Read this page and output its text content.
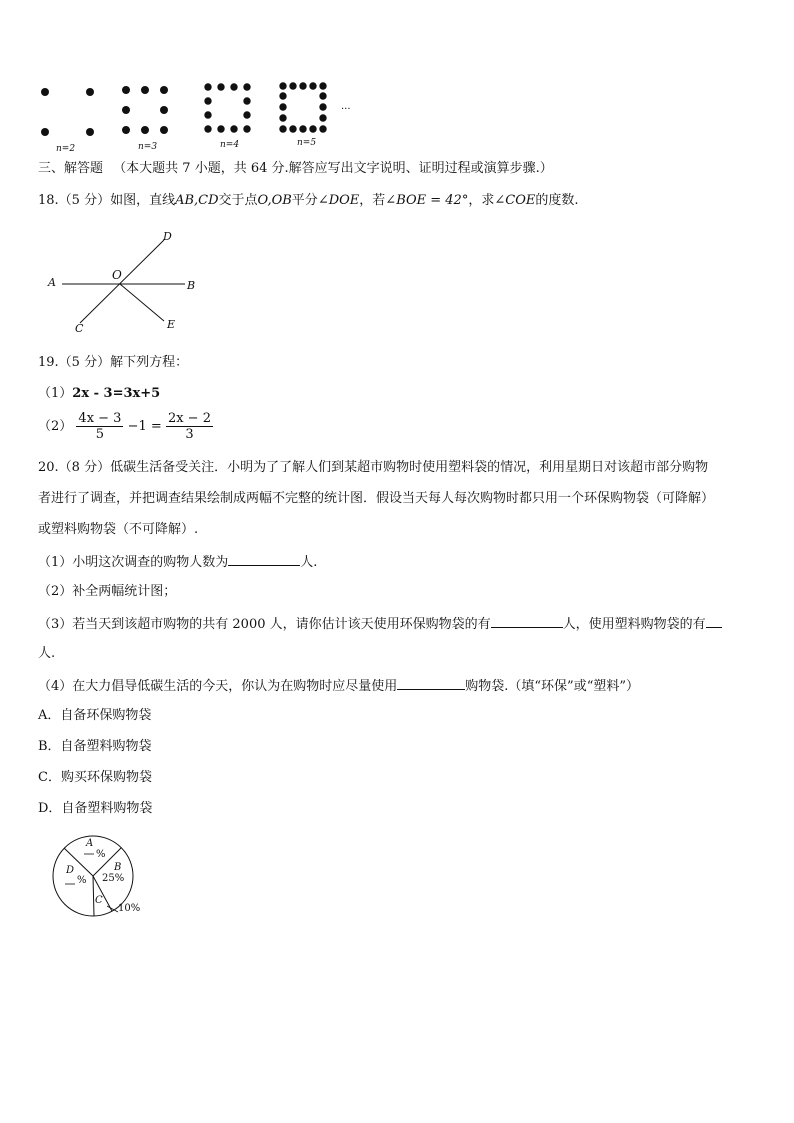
n=2	n=3	n=4	n=5
···
三、解答题 （本大题共 7 小题，共 64 分.解答应写出文字说明、证明过程或演算步骤.）
18.（5 分）如图，直线AB,CD交于点O,OB平分∠DOE，若∠BOE = 42°，求∠COE的度数.
A	B
C
D
E
O
19.（5 分）解下列方程：
（1）2x - 3=3x+5
$(2) \frac{4x - 3}{5} -1 = \frac{2x - 2}{3}$
20.（8 分）低碳生活备受关注．小明为了了解人们到某超市购物时使用塑料袋的情况，利用星期日对该超市部分购物
者进行了调查，并把调查结果绘制成两幅不完整的统计图．假设当天每人每次购物时都只用一个环保购物袋（可降解）
或塑料购物袋（不可降解）.
（1）小明这次调查的购物人数为	人.
（2）补全两幅统计图；
（3）若当天到该超市购物的共有 2000 人，请你估计该天使用环保购物袋的有	人，使用塑料购物袋的有
人.
（4）在大力倡导低碳生活的今天，你认为在购物时应尽量使用	购物袋.（填“环保”或“塑料”）
A．自备环保购物袋
B．自备塑料购物袋
C．购买环保购物袋
D．自备塑料购物袋
A
%
B
25%
C
10%
D
%
